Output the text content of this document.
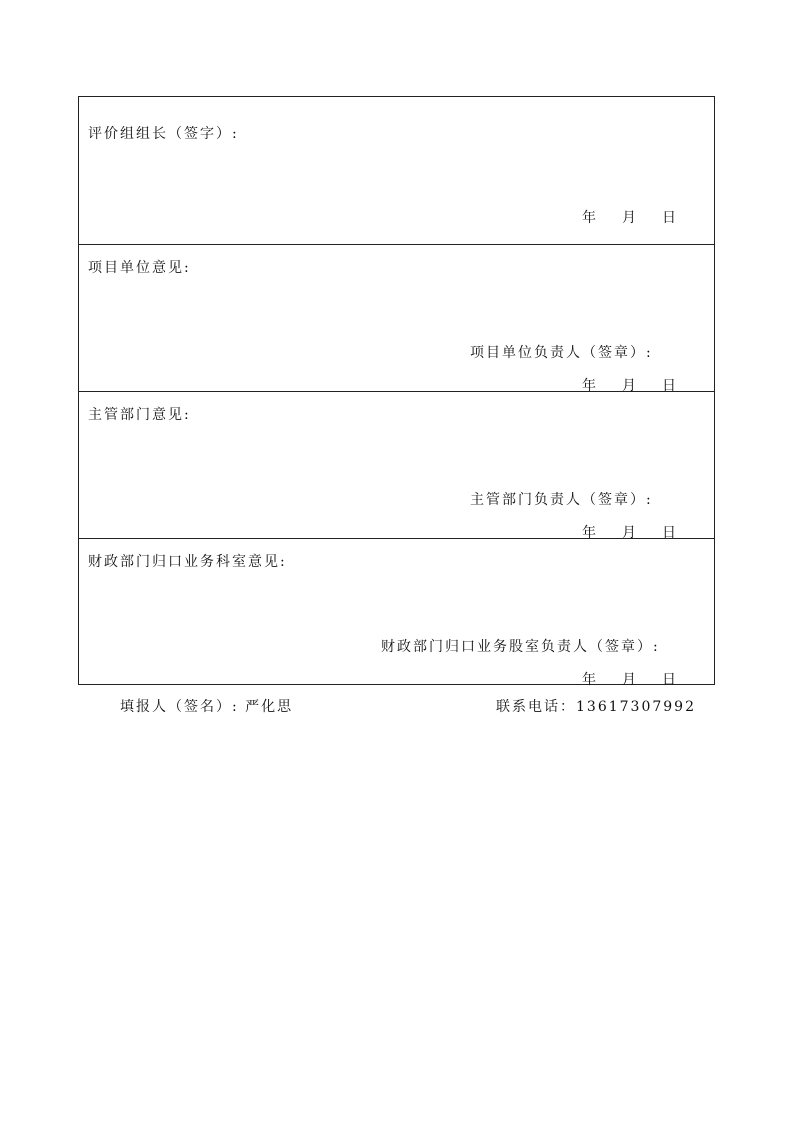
评价组组长（签字）:
年 月 日
项目单位意见:
项目单位负责人（签章）:
年 月 日
主管部门意见:
主管部门负责人（签章）:
年 月 日
财政部门归口业务科室意见:
财政部门归口业务股室负责人（签章）:
年 月 日
填报人（签名）: 严化思	联系电话：13617307992
